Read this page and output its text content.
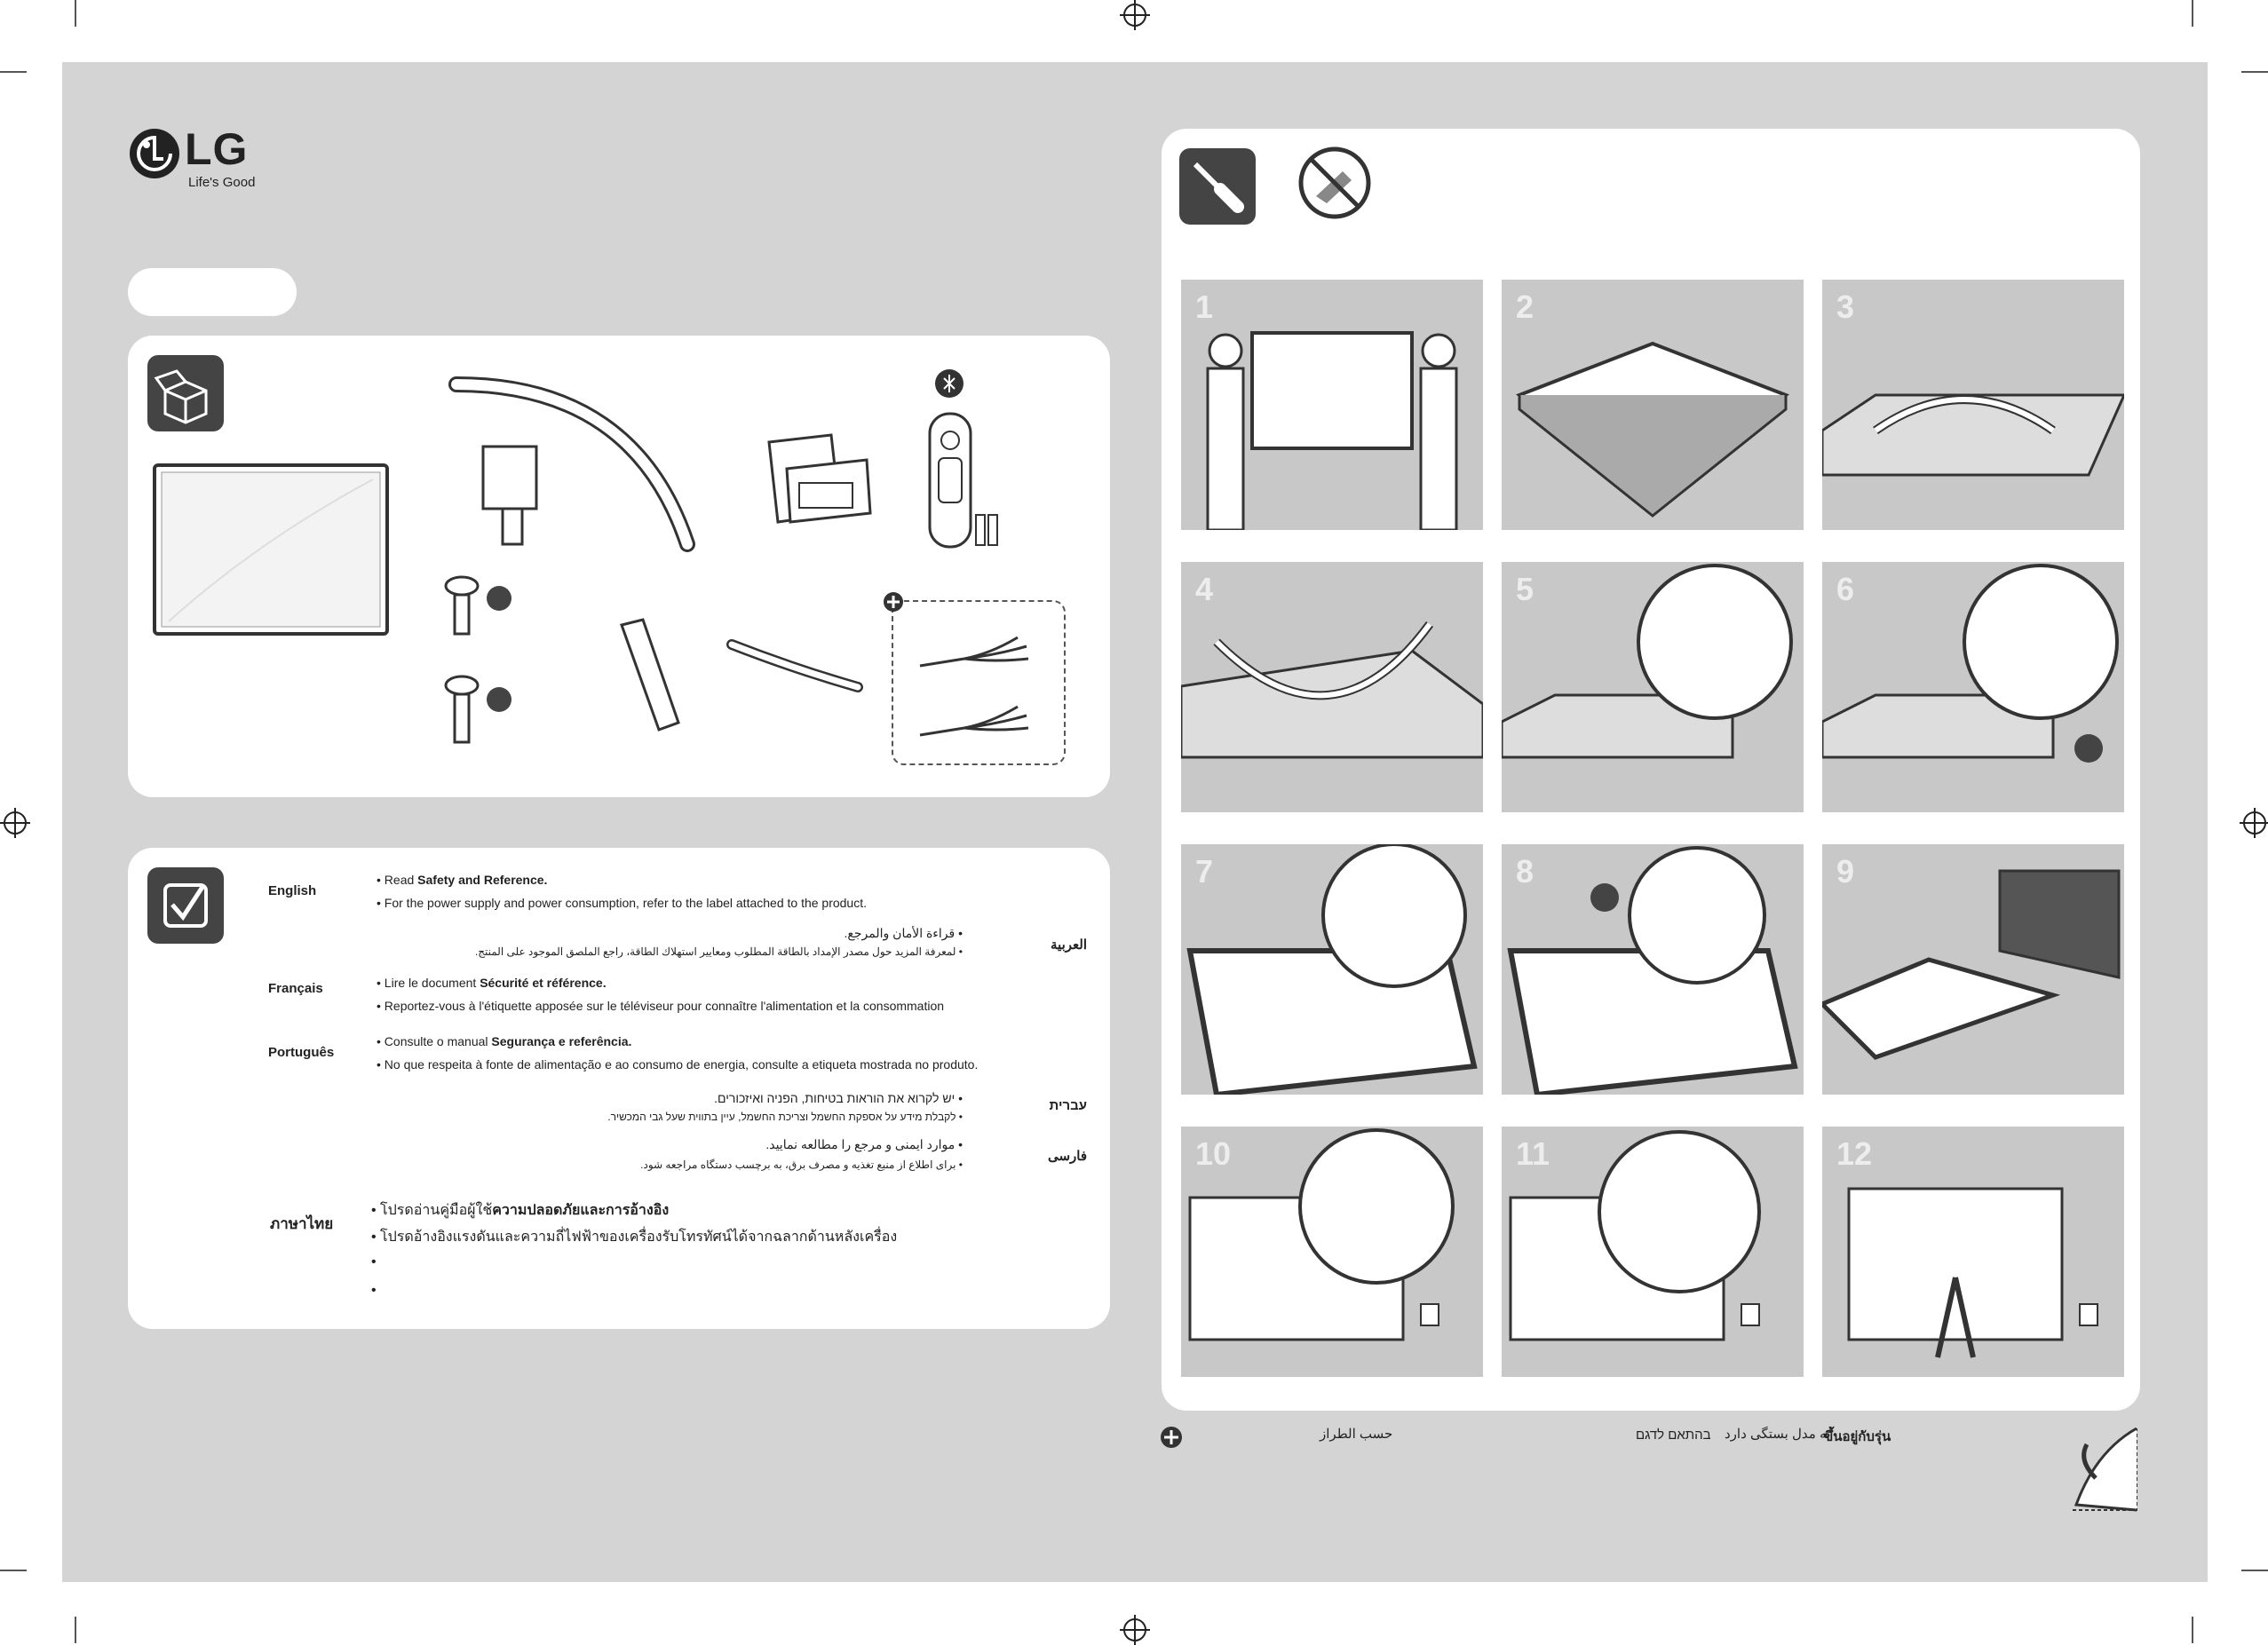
LG
Life's Good
English
• Read Safety and Reference.
• For the power supply and power consumption, refer to the label attached to the product.
العربية
• قراءة الأمان والمرجع.
• لمعرفة المزيد حول مصدر الإمداد بالطاقة المطلوب ومعايير استهلاك الطاقة، راجع الملصق الموجود على المنتج.
Français	• Lire le document Sécurité et référence.
• Reportez-vous à l'étiquette apposée sur le téléviseur pour connaître l'alimentation et la consommation
Português
• Consulte o manual Segurança e referência.
• No que respeita à fonte de alimentação e ao consumo de energia, consulte a etiqueta mostrada no produto.
עברית
• יש לקרוא את הוראות בטיחות, הפניה ואיזכורים.
• לקבלת מידע על אספקת החשמל וצריכת החשמל, עיין בתווית שעל גבי המכשיר.
فارسی
• موارد ایمنی و مرجع را مطالعه نمایید.
• برای اطلاع از منبع تغذیه و مصرف برق، به برچسب دستگاه مراجعه شود.
ภาษาไทย
• โปรดอ่านคู่มือผู้ใช้ความปลอดภัยและการอ้างอิง
• โปรดอ้างอิงแรงดันและความถี่ไฟฟ้าของเครื่องรับโทรทัศน์ได้จากฉลากด้านหลังเครื่อง
•
•
1	2	3
4	5	6
7	8	9
10	11	12
حسب الطراز	בהתאם לדגם به مدل بستگی دارد
ขึ้นอยู่กับรุ่น
